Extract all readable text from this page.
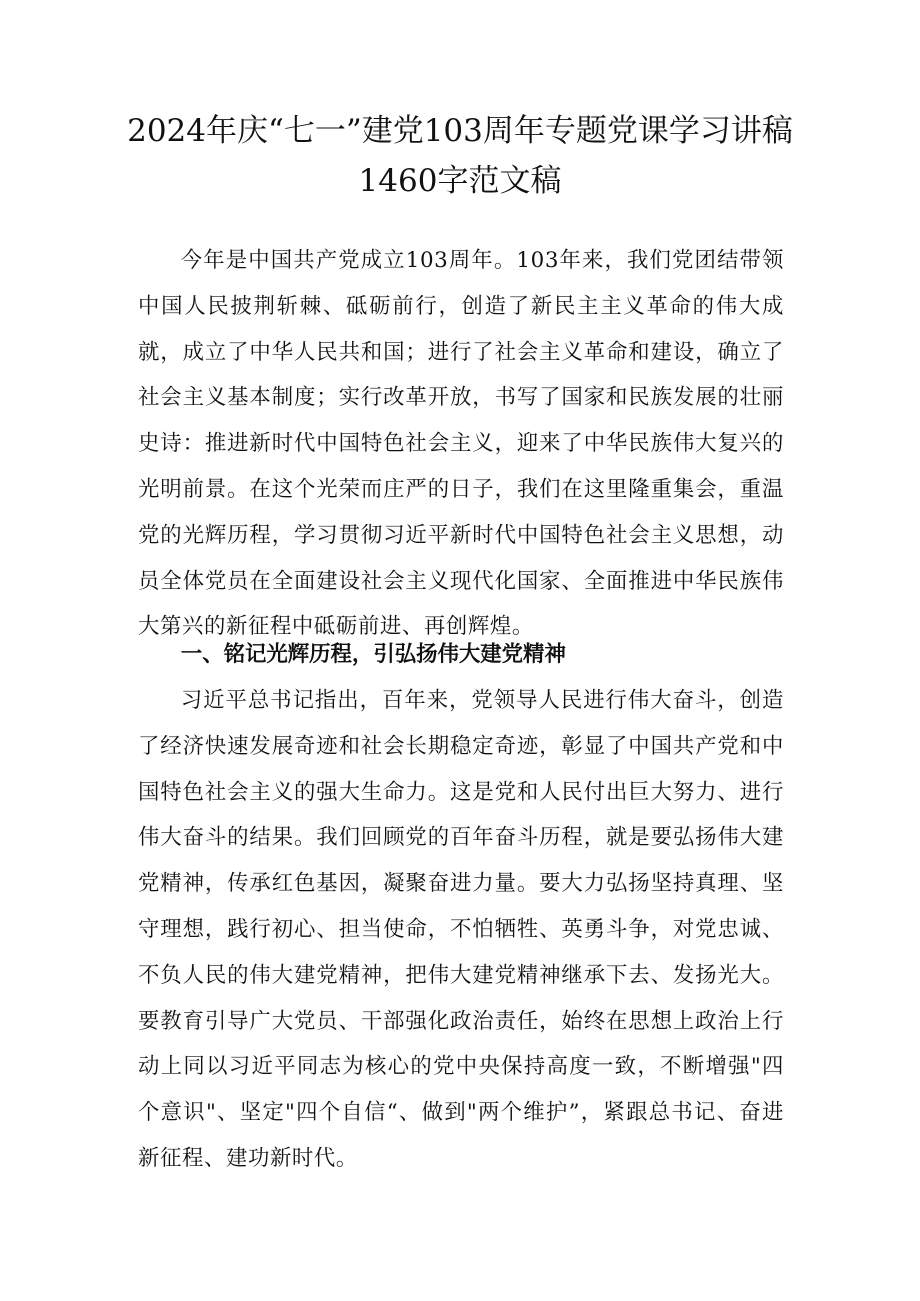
2024年庆“七一”建党103周年专题党课学习讲稿
1460字范文稿

今年是中国共产党成立103周年。103年来，我们党团结带领中国人民披荆斩棘、砥砺前行，创造了新民主主义革命的伟大成就，成立了中华人民共和国；进行了社会主义革命和建设，确立了社会主义基本制度；实行改革开放，书写了国家和民族发展的壮丽史诗：推进新时代中国特色社会主义，迎来了中华民族伟大复兴的光明前景。在这个光荣而庄严的日子，我们在这里隆重集会，重温党的光辉历程，学习贯彻习近平新时代中国特色社会主义思想，动员全体党员在全面建设社会主义现代化国家、全面推进中华民族伟大第兴的新征程中砥砺前进、再创辉煌。

一、铭记光辉历程，引弘扬伟大建党精神

习近平总书记指出，百年来，党领导人民进行伟大奋斗，创造了经济快速发展奇迹和社会长期稳定奇迹，彰显了中国共产党和中国特色社会主义的强大生命力。这是党和人民付出巨大努力、进行伟大奋斗的结果。我们回顾党的百年奋斗历程，就是要弘扬伟大建党精神，传承红色基因，凝聚奋进力量。要大力弘扬坚持真理、坚守理想，践行初心、担当使命，不怕牺牲、英勇斗争，对党忠诚、不负人民的伟大建党精神，把伟大建党精神继承下去、发扬光大。要教育引导广大党员、干部强化政治责任，始终在思想上政治上行动上同以习近平同志为核心的党中央保持高度一致，不断增强"四个意识"、坚定"四个自信“、做到"两个维护”，紧跟总书记、奋进新征程、建功新时代。
